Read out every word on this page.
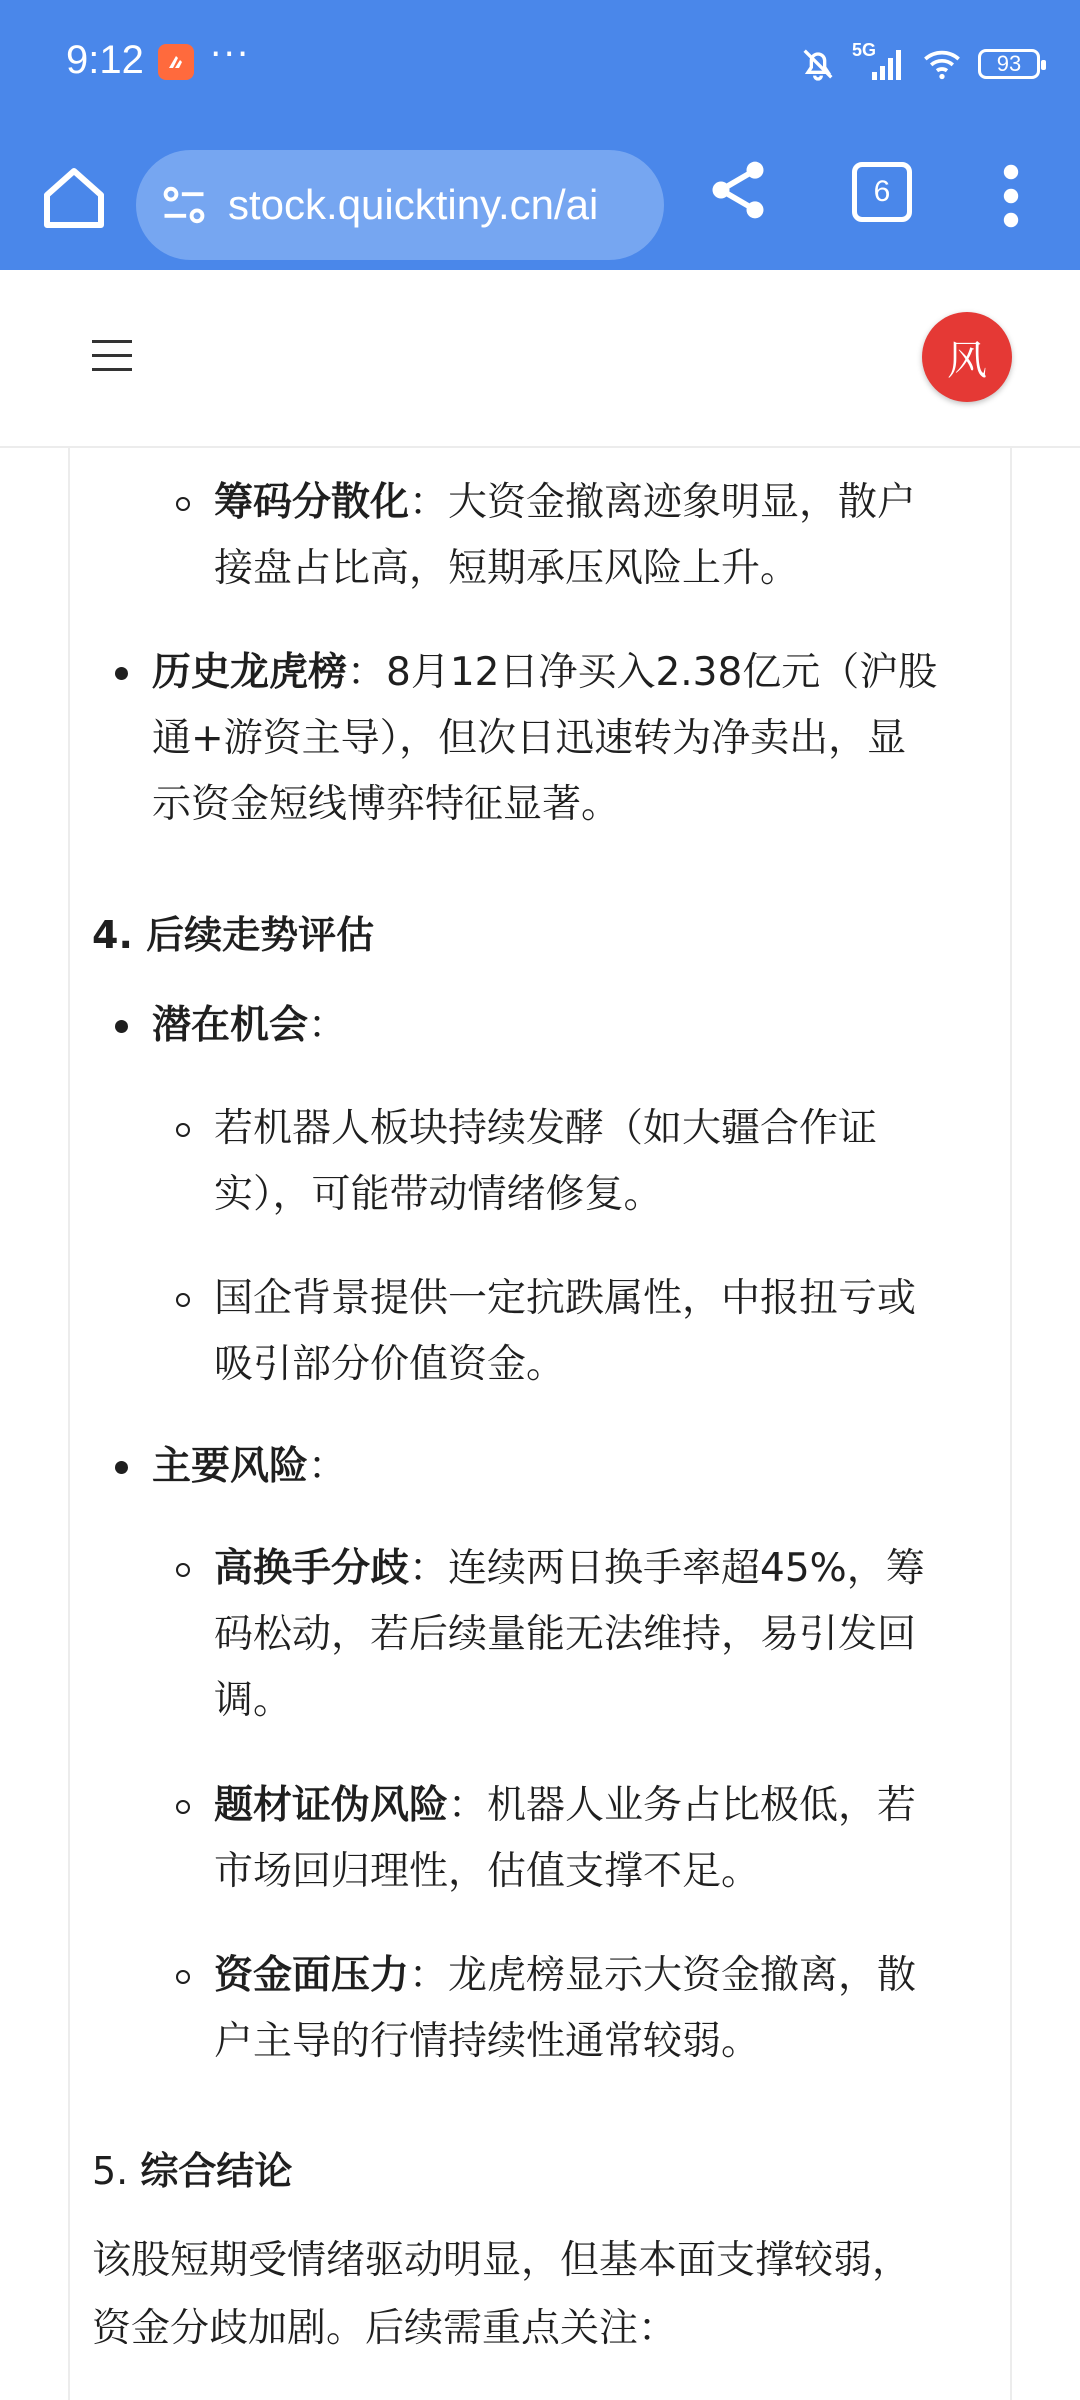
9:12 ···	5G
93
stock.quicktiny.cn/ai	6
风
筹码分散化：大资金撤离迹象明显，散户
接盘占比高，短期承压风险上升。
历史龙虎榜：8月12日净买入2.38亿元（沪股
通+游资主导），但次日迅速转为净卖出，显
示资金短线博弈特征显著。
4. 后续走势评估
潜在机会：
若机器人板块持续发酵（如大疆合作证
实），可能带动情绪修复。
国企背景提供一定抗跌属性，中报扭亏或
吸引部分价值资金。
主要风险：
高换手分歧：连续两日换手率超45%，筹
码松动，若后续量能无法维持，易引发回
调。
题材证伪风险：机器人业务占比极低，若
市场回归理性，估值支撑不足。
资金面压力：龙虎榜显示大资金撤离，散
户主导的行情持续性通常较弱。
5. 综合结论
该股短期受情绪驱动明显，但基本面支撑较弱，
资金分歧加剧。后续需重点关注：
